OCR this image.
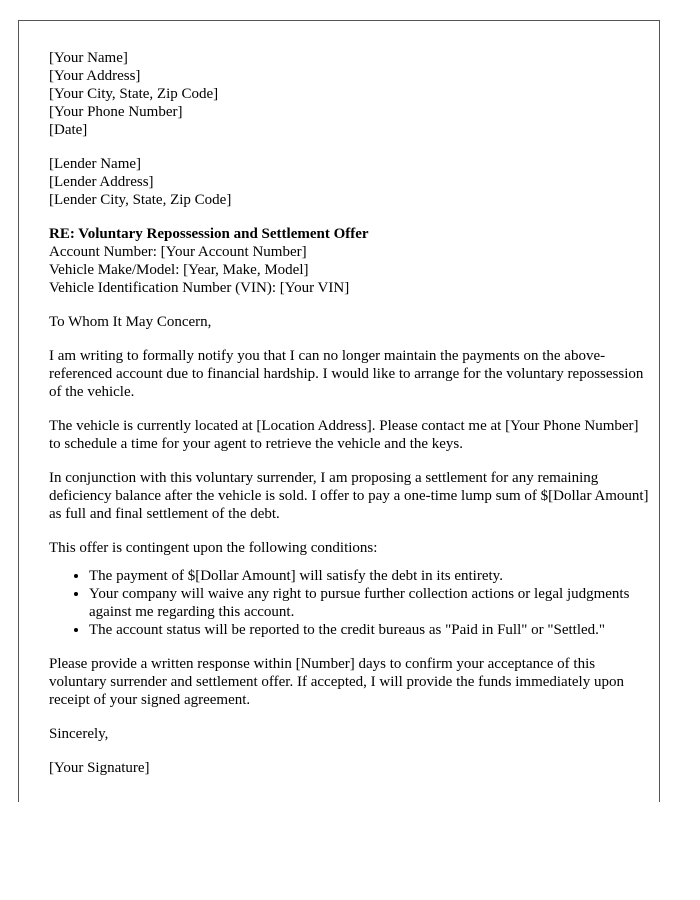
[Your Name]
[Your Address]
[Your City, State, Zip Code]
[Your Phone Number]
[Date]
[Lender Name]
[Lender Address]
[Lender City, State, Zip Code]
RE: Voluntary Repossession and Settlement Offer
Account Number: [Your Account Number]
Vehicle Make/Model: [Year, Make, Model]
Vehicle Identification Number (VIN): [Your VIN]

To Whom It May Concern,

I am writing to formally notify you that I can no longer maintain the payments on the above-referenced account due to financial hardship. I would like to arrange for the voluntary repossession of the vehicle.

The vehicle is currently located at [Location Address]. Please contact me at [Your Phone Number] to schedule a time for your agent to retrieve the vehicle and the keys.

In conjunction with this voluntary surrender, I am proposing a settlement for any remaining deficiency balance after the vehicle is sold. I offer to pay a one-time lump sum of $[Dollar Amount] as full and final settlement of the debt.

This offer is contingent upon the following conditions:

• The payment of $[Dollar Amount] will satisfy the debt in its entirety.
• Your company will waive any right to pursue further collection actions or legal judgments against me regarding this account.
• The account status will be reported to the credit bureaus as "Paid in Full" or "Settled."

Please provide a written response within [Number] days to confirm your acceptance of this voluntary surrender and settlement offer. If accepted, I will provide the funds immediately upon receipt of your signed agreement.

Sincerely,

[Your Signature]
